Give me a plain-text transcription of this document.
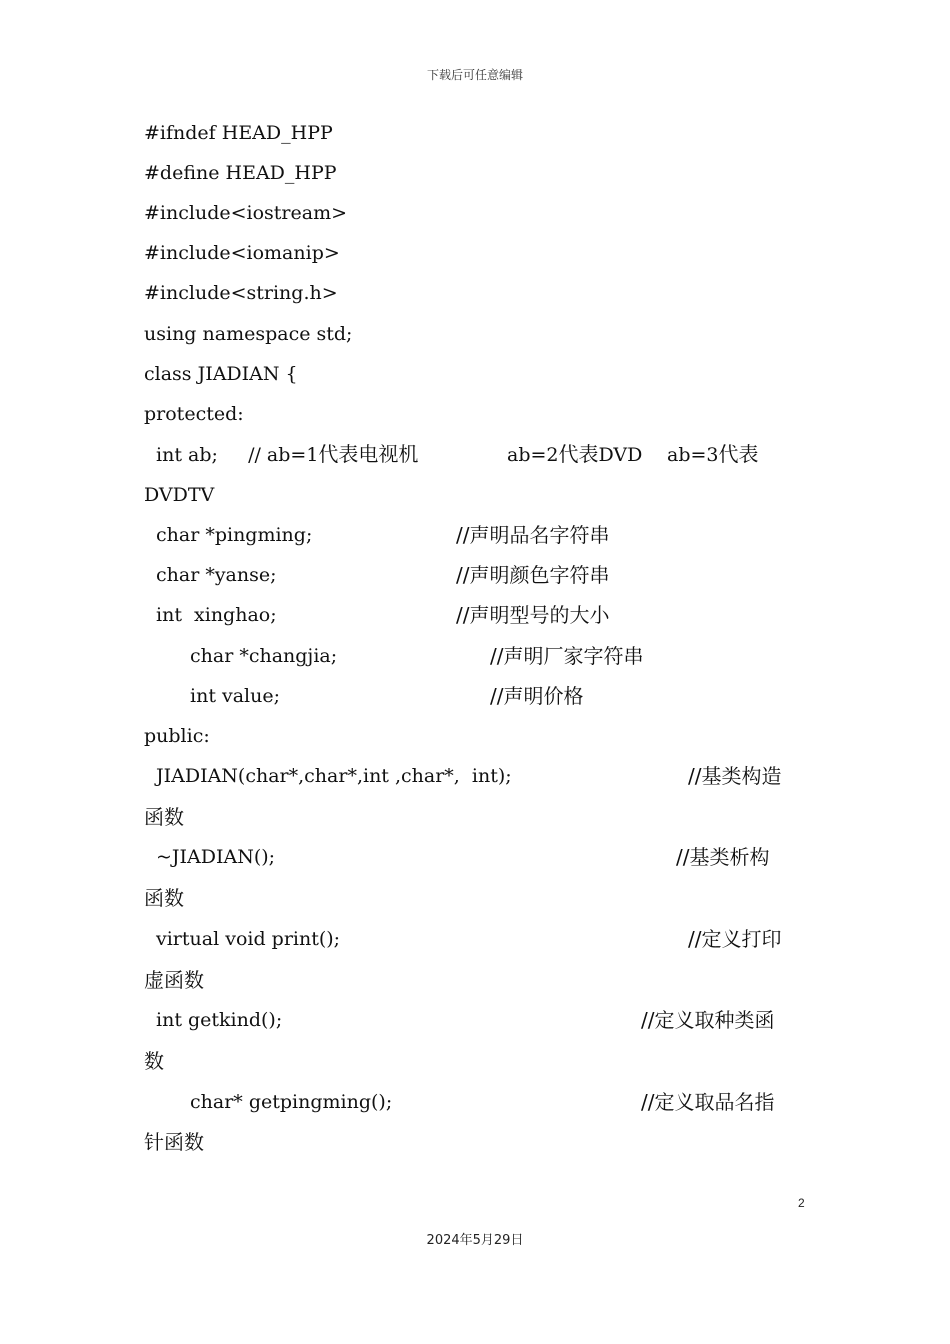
下载后可任意编辑
#ifndef HEAD_HPP
#define HEAD_HPP
#include<iostream>
#include<iomanip>
#include<string.h>
using namespace std;
class JIADIAN {
protected:
int ab;     // ab=1代表电视机	ab=2代表DVD ab=3代表
DVDTV
char *pingming;	//声明品名字符串
char *yanse;	//声明颜色字符串
int  xinghao;	//声明型号的大小
char *changjia;	//声明厂家字符串
int value;	//声明价格
public:
JIADIAN(char*,char*,int ,char*,  int);	//基类构造
函数
~JIADIAN();	//基类析构
函数
virtual void print();	//定义打印
虚函数
int getkind();	//定义取种类函
数
char* getpingming();	//定义取品名指
针函数
2
2024年5月29日
